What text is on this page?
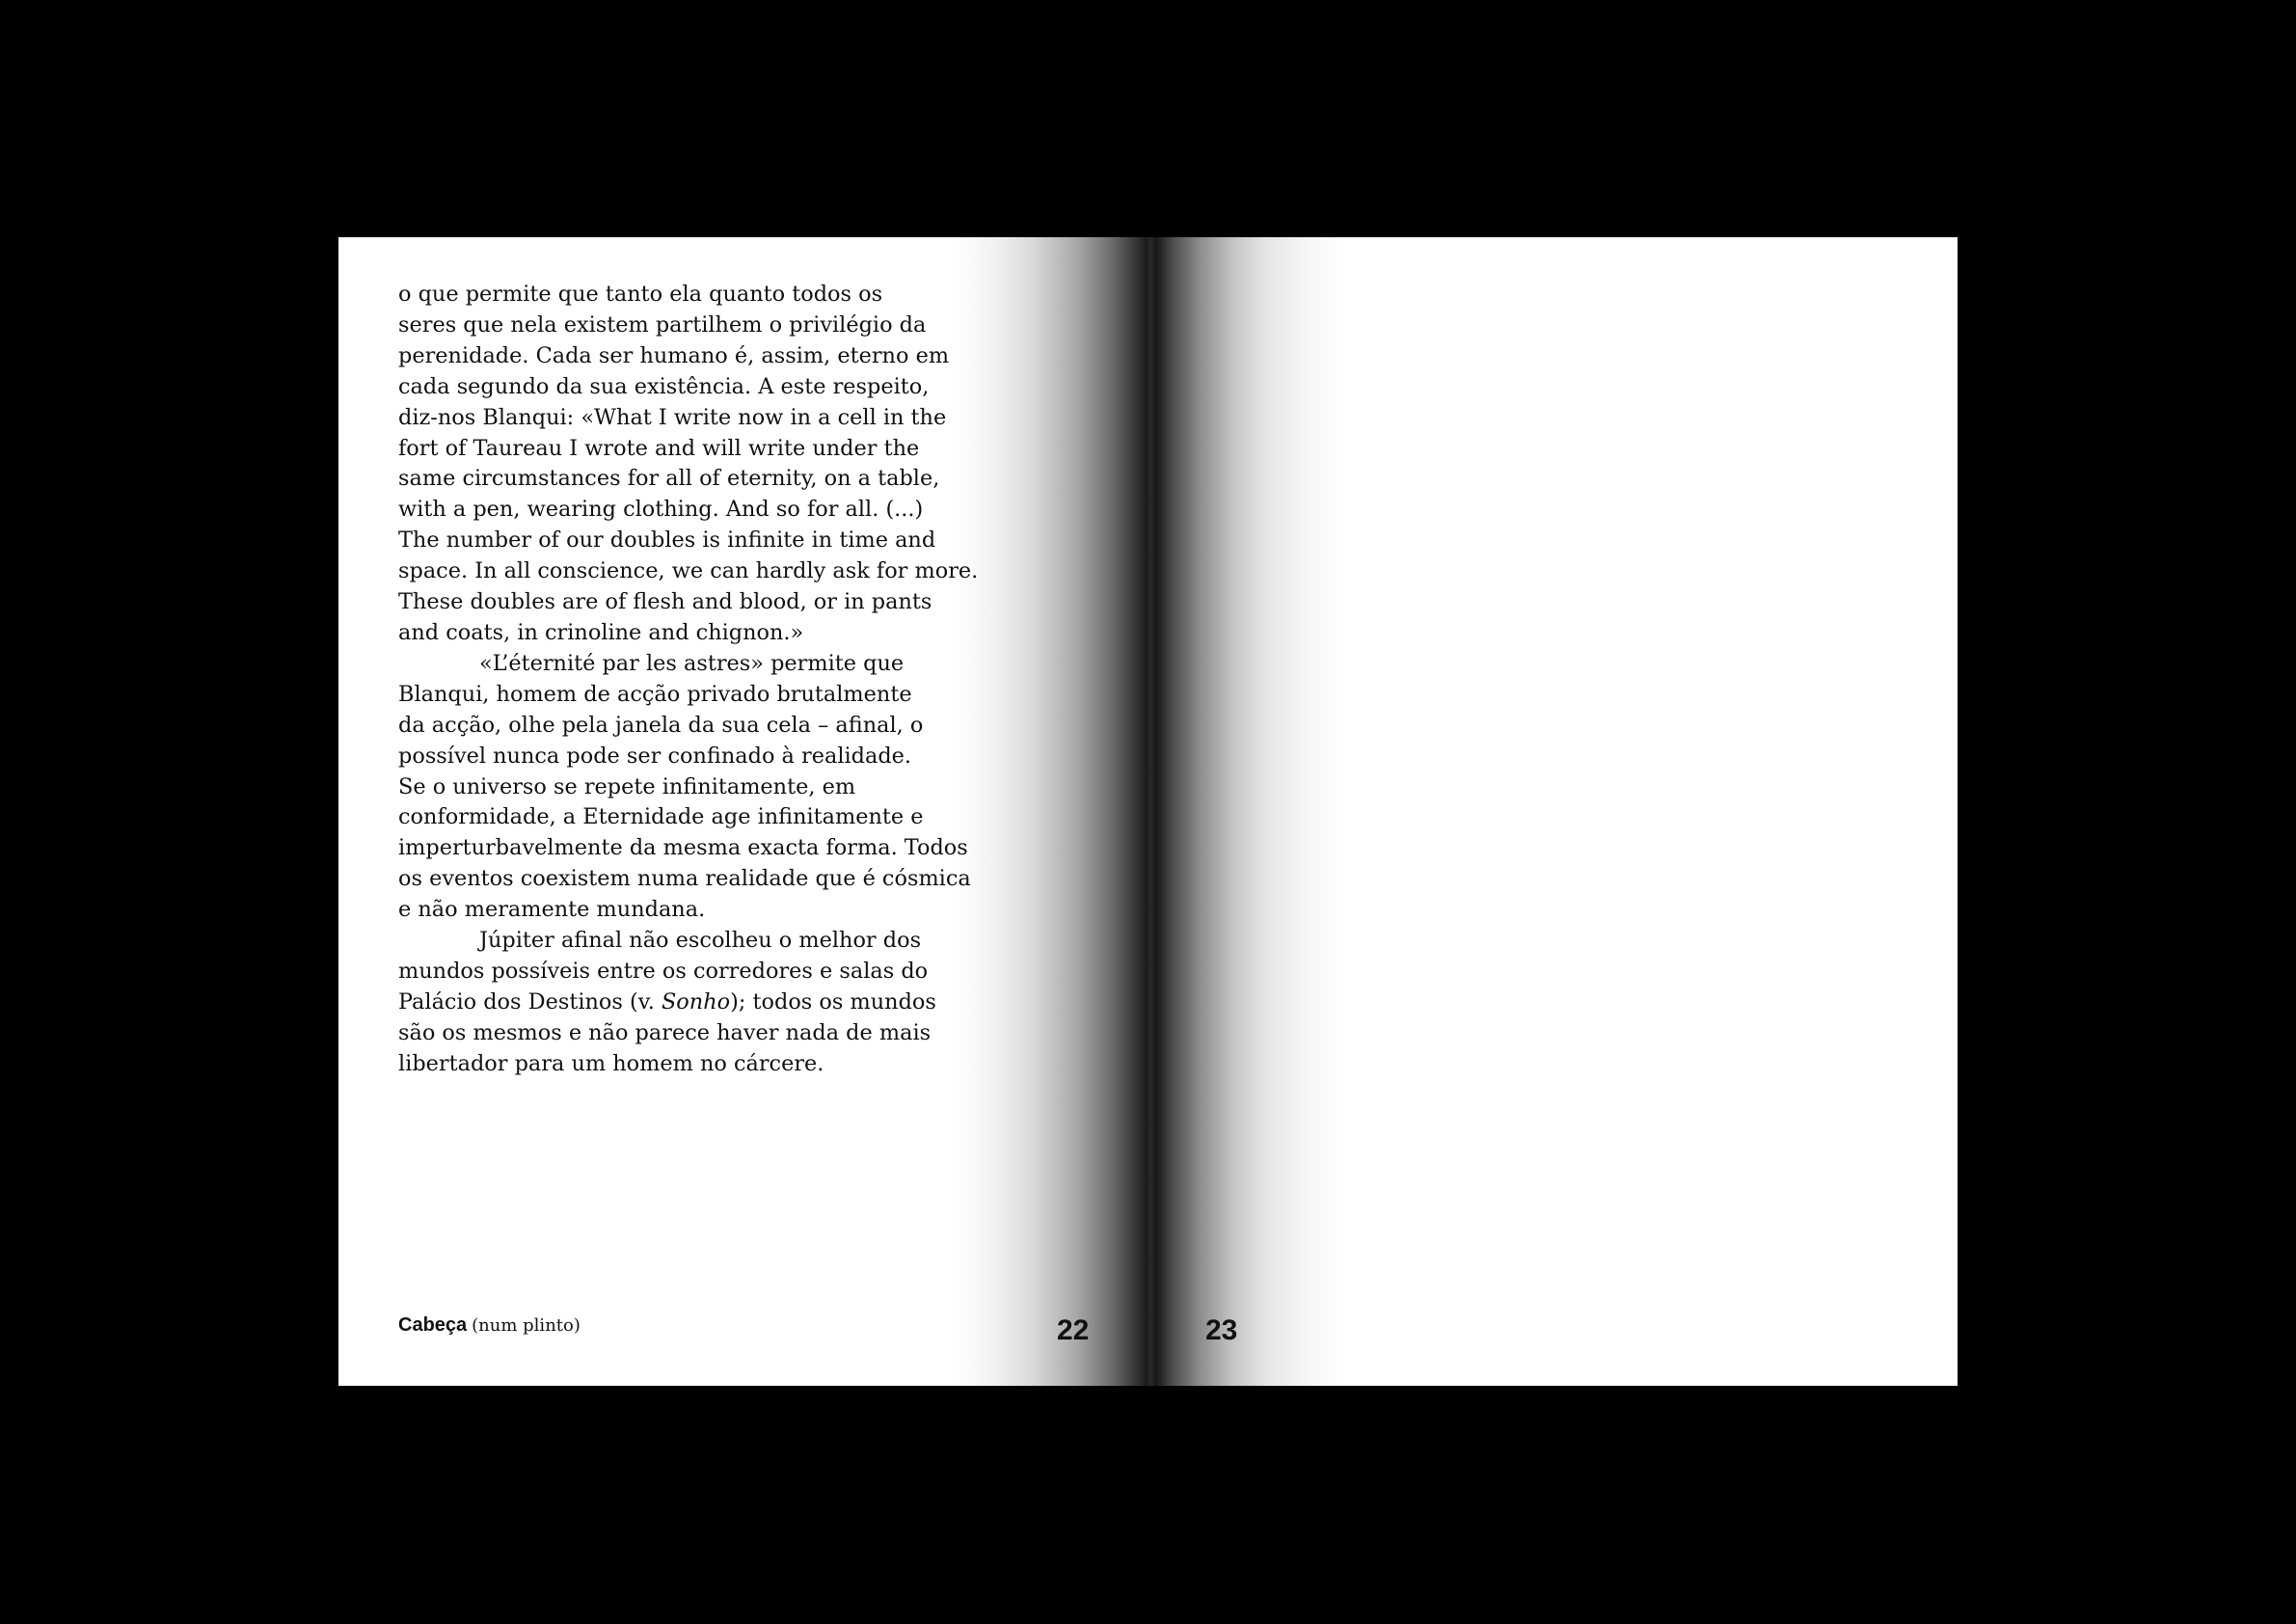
o que permite que tanto ela quanto todos os
seres que nela existem partilhem o privilégio da
perenidade. Cada ser humano é, assim, eterno em
cada segundo da sua existência. A este respeito,
diz-nos Blanqui: «What I write now in a cell in the
fort of Taureau I wrote and will write under the
same circumstances for all of eternity, on a table,
with a pen, wearing clothing. And so for all. (...)
The number of our doubles is infinite in time and
space. In all conscience, we can hardly ask for more.
These doubles are of flesh and blood, or in pants
and coats, in crinoline and chignon.»

«L’éternité par les astres» permite que
Blanqui, homem de acção privado brutalmente
da acção, olhe pela janela da sua cela – afinal, o
possível nunca pode ser confinado à realidade.
Se o universo se repete infinitamente, em
conformidade, a Eternidade age infinitamente e
imperturbavelmente da mesma exacta forma. Todos
os eventos coexistem numa realidade que é cósmica
e não meramente mundana.

Júpiter afinal não escolheu o melhor dos
mundos possíveis entre os corredores e salas do
Palácio dos Destinos (v. Sonho); todos os mundos
são os mesmos e não parece haver nada de mais
libertador para um homem no cárcere.

Cabeça (num plinto)	22	23
